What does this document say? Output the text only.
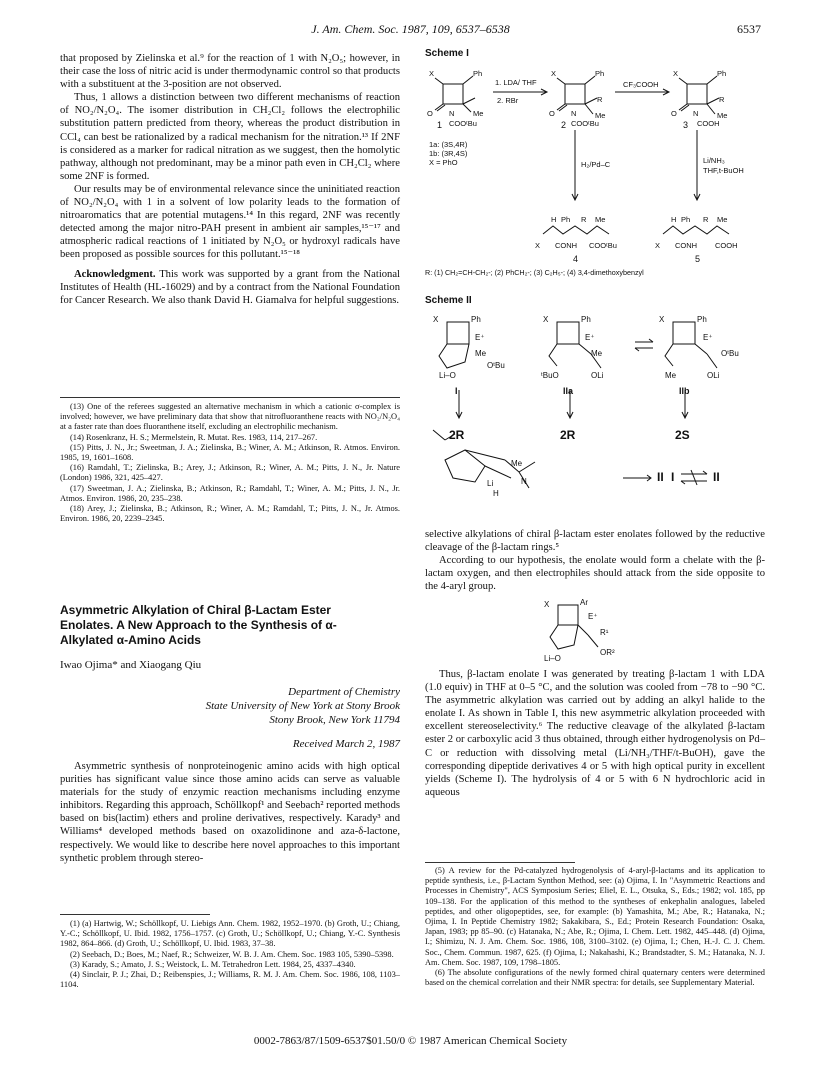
J. Am. Chem. Soc. 1987, 109, 6537–6538	6537

that proposed by Zielinska et al.⁹ for the reaction of 1 with N₂O₅; however, in their case the loss of nitric acid is under thermodynamic control so that products with a substituent at the 3-position are not observed.

Thus, 1 allows a distinction between two different mechanisms of reaction of NO₂/N₂O₄. The isomer distribution in CH₂Cl₂ follows the electrophilic substitution pattern predicted from theory, whereas the product distribution in CCl₄ can best be rationalized by a radical mechanism for the nitration.¹³ If 2NF is considered as a marker for radical nitration as we suggest, then the homolytic pathway, although not predominant, may be a minor path even in CH₂Cl₂ where some 2NF is formed.

Our results may be of environmental relevance since the uninitiated reaction of NO₂/N₂O₄ with 1 in a solvent of low polarity leads to the formation of nitroaromatics that are potential mutagens.¹⁴ In this regard, 2NF was recently detected among the major nitro-PAH present in ambient air samples,¹⁵⁻¹⁷ and atmospheric radical reactions of 1 initiated by N₂O₅ or hydroxyl radicals have been proposed as possible sources for this pollutant.¹⁵⁻¹⁸

Acknowledgment. This work was supported by a grant from the National Institutes of Health (HL-16029) and by a contract from the National Foundation for Cancer Research. We also thank David H. Giamalva for helpful suggestions.

(13) One of the referees suggested an alternative mechanism in which a cationic σ-complex is involved; however, we have preliminary data that show that nitrofluoranthene reacts with NO₂/N₂O₄ at a faster rate than does fluoranthene itself, excluding an electrophilic mechanism.
(14) Rosenkranz, H. S.; Mermelstein, R. Mutat. Res. 1983, 114, 217–267.
(15) Pitts, J. N., Jr.; Sweetman, J. A.; Zielinska, B.; Winer, A. M.; Atkinson, R. Atmos. Environ. 1985, 19, 1601–1608.
(16) Ramdahl, T.; Zielinska, B.; Arey, J.; Atkinson, R.; Winer, A. M.; Pitts, J. N., Jr. Nature (London) 1986, 321, 425–427.
(17) Sweetman, J. A.; Zielinska, B.; Atkinson, R.; Ramdahl, T.; Winer, A. M.; Pitts, J. N., Jr. Atmos. Environ. 1986, 20, 235–238.
(18) Arey, J.; Zielinska, B.; Atkinson, R.; Winer, A. M.; Ramdahl, T.; Pitts, J. N., Jr. Atmos. Environ. 1986, 20, 2239–2345.
Asymmetric Alkylation of Chiral β-Lactam Ester Enolates. A New Approach to the Synthesis of α-Alkylated α-Amino Acids
Iwao Ojima* and Xiaogang Qiu
Department of Chemistry
State University of New York at Stony Brook
Stony Brook, New York 11794
Received March 2, 1987

Asymmetric synthesis of nonproteinogenic amino acids with high optical purities has significant value since those amino acids can serve as valuable materials for the study of enzymic reaction mechanisms including enzyme inhibitors. Regarding this approach, Schöllkopf¹ and Seebach² reported methods based on bis(lactim) ethers and proline derivatives, respectively. Karady³ and Williams⁴ developed methods based on oxazolidinone and aza-δ-lactone, respectively. We would like to describe here novel approaches to this important synthetic problem through stereo-

(1) (a) Hartwig, W.; Schöllkopf, U. Liebigs Ann. Chem. 1982, 1952–1970. (b) Groth, U.; Chiang, Y.-C.; Schöllkopf, U. Ibid. 1982, 1756–1757. (c) Groth, U.; Schöllkopf, U.; Chiang, Y.-C. Synthesis 1982, 864–866. (d) Groth, U.; Schöllkopf, U. Ibid. 1983, 37–38.
(2) Seebach, D.; Boes, M.; Naef, R.; Schweizer, W. B. J. Am. Chem. Soc. 1983 105, 5390–5398.
(3) Karady, S.; Amato, J. S.; Weistock, L. M. Tetrahedron Lett. 1984, 25, 4337–4340.
(4) Sinclair, P. J.; Zhai, D.; Reibenspies, J.; Williams, R. M. J. Am. Chem. Soc. 1986, 108, 1103–1104.
Scheme I
X	Ph
O N Me
COOᵗBu
1
X	Ph
O N
R
Me
COOᵗBu
2
X	Ph
O N
R
Me
COOH
3
X CONH COOᵗBu
H Ph R Me
4
X CONH COOH
H Ph R Me
5
1. LDA/ THF
2. RBr
CF₃COOH
H₂/Pd–C	Li/NH₃
THF,t-BuOH
1a: (3S,4R)
1b: (3R,4S)
X = PhO
R: (1) CH₂=CH-CH₂-; (2) PhCH₂-; (3) C₂H₅-; (4) 3,4-dimethoxybenzyl
Scheme II
X	Ph
E⁺
Me
OᵗBu
Li–O
X	Ph
E⁺
Me
ᵗBuO	OLi
X	Ph
E⁺
OᵗBu
Me	OLi
Me
Li
H
N
I	IIa	IIb
2R	2R	2S
II I	II

selective alkylations of chiral β-lactam ester enolates followed by the reductive cleavage of the β-lactam rings.⁵

According to our hypothesis, the enolate would form a chelate with the β-lactam oxygen, and then electrophiles should attack from the side opposite to the 4-aryl group.

X	Ar
E⁺
R¹
OR²
Li–O

Thus, β-lactam enolate I was generated by treating β-lactam 1 with LDA (1.0 equiv) in THF at 0–5 °C, and the solution was cooled from −78 to −90 °C. The asymmetric alkylation was carried out by adding an alkyl halide to the enolate I. As shown in Table I, this new asymmetric alkylation proceeded with excellent stereoselectivity.⁶ The reductive cleavage of the alkylated β-lactam ester 2 or carboxylic acid 3 thus obtained, through either hydrogenolysis on Pd–C or reduction with dissolving metal (Li/NH₃/THF/t-BuOH), gave the corresponding dipeptide derivatives 4 or 5 with high optical purity in excellent yields (Scheme I). The hydrolysis of 4 or 5 with 6 N hydrochloric acid in aqueous

(5) A review for the Pd-catalyzed hydrogenolysis of 4-aryl-β-lactams and its application to peptide synthesis, i.e., β-Lactam Synthon Method, see: (a) Ojima, I. In "Asymmetric Reactions and Processes in Chemistry", ACS Symposium Series; Eliel, E. L., Otsuka, S., Eds.; 1982; vol. 185, pp 109–138. For the application of this method to the syntheses of enkephalin analogues, labeled peptides, and other oligopeptides, see, for example: (b) Yamashita, M.; Abe, R.; Hatanaka, N.; Ojima, I. In Peptide Chemistry 1982; Sakakibara, S., Ed.; Protein Research Foundation: Osaka, Japan, 1983; pp 85–90. (c) Hatanaka, N.; Abe, R.; Ojima, I. Chem. Lett. 1982, 445–448. (d) Ojima, I.; Shimizu, N. J. Am. Chem. Soc. 1986, 108, 3100–3102. (e) Ojima, I.; Chen, H.-J. C. J. Chem. Soc., Chem. Commun. 1987, 625. (f) Ojima, I.; Nakahashi, K.; Brandstadter, S. M.; Hatanaka, N. J. Am. Chem. Soc. 1987, 109, 1798–1805.
(6) The absolute configurations of the newly formed chiral quaternary centers were determined based on the chemical correlation and their NMR spectra: for details, see Supplementary Material.
0002-7863/87/1509-6537$01.50/0 © 1987 American Chemical Society
